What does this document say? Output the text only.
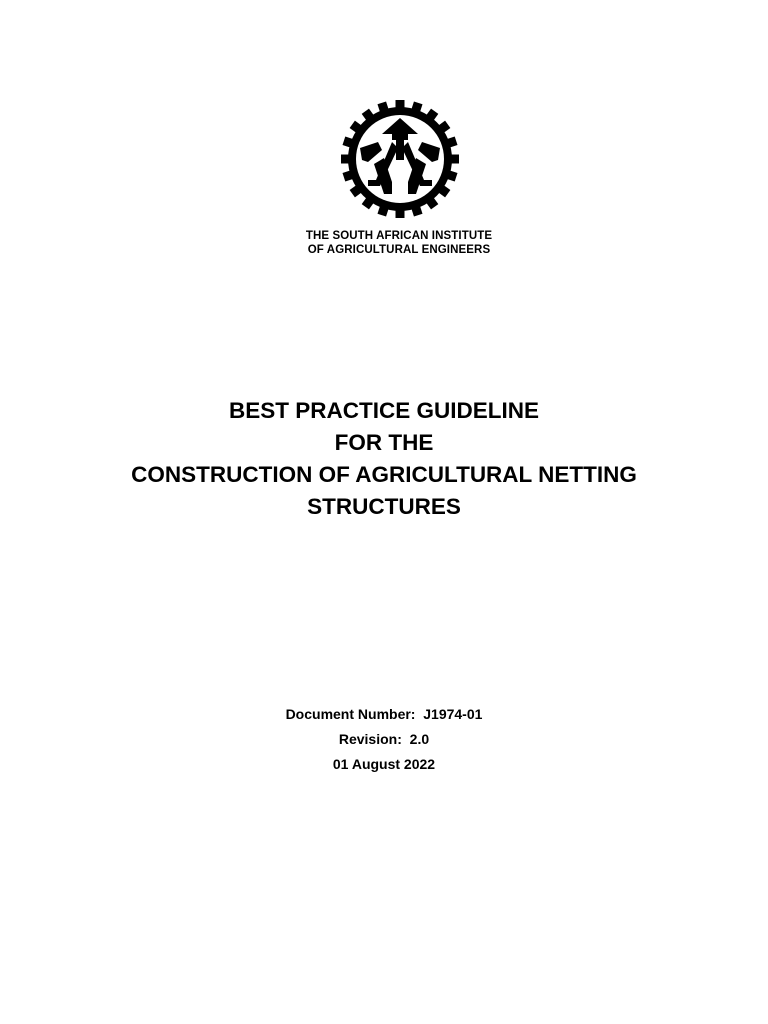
THE SOUTH AFRICAN INSTITUTE
OF AGRICULTURAL ENGINEERS
BEST PRACTICE GUIDELINE
FOR THE
CONSTRUCTION OF AGRICULTURAL NETTING
STRUCTURES
Document Number: J1974-01
Revision: 2.0
01 August 2022
